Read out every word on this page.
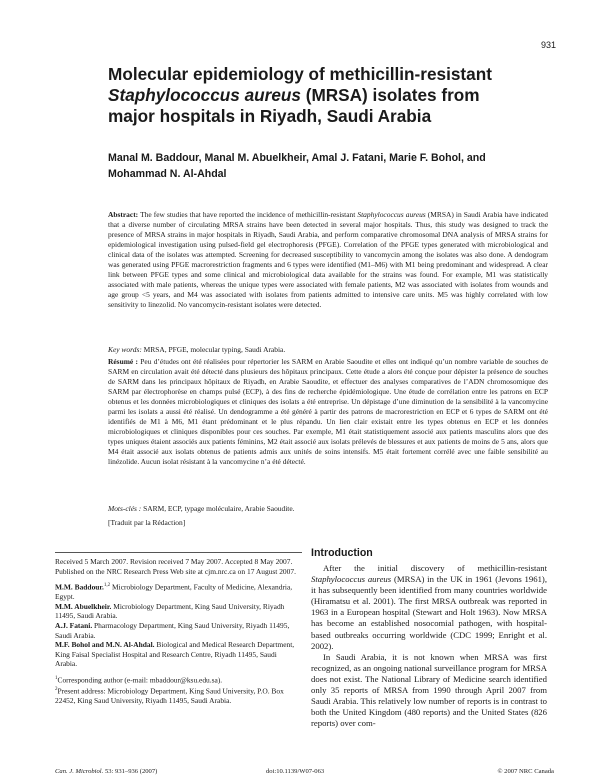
931
Molecular epidemiology of methicillin-resistant
Staphylococcus aureus (MRSA) isolates from
major hospitals in Riyadh, Saudi Arabia
Manal M. Baddour, Manal M. Abuelkheir, Amal J. Fatani, Marie F. Bohol, and
Mohammad N. Al-Ahdal
Abstract: The few studies that have reported the incidence of methicillin-resistant Staphylococcus aureus (MRSA) in Saudi Arabia have indicated that a diverse number of circulating MRSA strains have been detected in several major hospitals. Thus, this study was designed to track the presence of MRSA strains in major hospitals in Riyadh, Saudi Arabia, and perform comparative chromosomal DNA analysis of MRSA strains for epidemiological investigation using pulsed-field gel electrophoresis (PFGE). Correlation of the PFGE types generated with microbiological and clinical data of the isolates was attempted. Screening for decreased susceptibility to vancomycin among the isolates was also done. A dendogram was generated using PFGE macrorestriction fragments and 6 types were identified (M1–M6) with M1 being predominant and widespread. A clear link between PFGE types and some clinical and microbiological data available for the strains was found. For example, M1 was statistically associated with male patients, whereas the unique types were associated with female patients, M2 was associated with isolates from wounds and age group <5 years, and M4 was associated with isolates from patients admitted to intensive care units. M5 was highly correlated with low sensitivity to linezolid. No vancomycin-resistant isolates were detected.
Key words: MRSA, PFGE, molecular typing, Saudi Arabia.
Résumé : Peu d’études ont été réalisées pour répertorier les SARM en Arabie Saoudite et elles ont indiqué qu’un nombre variable de souches de SARM en circulation avait été détecté dans plusieurs des hôpitaux principaux. Cette étude a alors été conçue pour dépister la présence de souches de SARM dans les principaux hôpitaux de Riyadh, en Arabie Saoudite, et effectuer des analyses comparatives de l’ADN chromosomique des SARM par électrophorèse en champs pulsé (ECP), à des fins de recherche épidémiologique. Une étude de corrélation entre les patrons en ECP obtenus et les données microbiologiques et cliniques des isolats a été entreprise. Un dépistage d’une diminution de la sensibilité à la vancomycine parmi les isolats a aussi été réalisé. Un dendogramme a été généré à partir des patrons de macrorestriction en ECP et 6 types de SARM ont été identifiés de M1 à M6, M1 étant prédominant et le plus répandu. Un lien clair existait entre les types obtenus en ECP et les données microbiologiques et cliniques disponibles pour ces souches. Par exemple, M1 était statistiquement associé aux patients masculins alors que des types uniques étaient associés aux patients féminins, M2 était associé aux isolats prélevés de blessures et aux patients de moins de 5 ans, alors que M4 était associé aux isolats obtenus de patients admis aux unités de soins intensifs. M5 était fortement corrélé avec une faible sensibilité au linézolide. Aucun isolat résistant à la vancomycine n’a été détecté.
Mots-clés : SARM, ECP, typage moléculaire, Arabie Saoudite.
[Traduit par la Rédaction]

Received 5 March 2007. Revision received 7 May 2007. Accepted 8 May 2007. Published on the NRC Research Press Web site at cjm.nrc.ca on 17 August 2007.

M.M. Baddour.$^{1,2}$ Microbiology Department, Faculty of Medicine, Alexandria, Egypt.
M.M. Abuelkheir. Microbiology Department, King Saud University, Riyadh 11495, Saudi Arabia.
A.J. Fatani. Pharmacology Department, King Saud University, Riyadh 11495, Saudi Arabia.
M.F. Bohol and M.N. Al-Ahdal. Biological and Medical Research Department, King Faisal Specialist Hospital and Research Centre, Riyadh 11495, Saudi Arabia.
$^1$Corresponding author (e-mail: mbaddour@ksu.edu.sa).
$^2$Present address: Microbiology Department, King Saud University, P.O. Box 22452, King Saud University, Riyadh 11495, Saudi Arabia.
Introduction

After the initial discovery of methicillin-resistant Staphylococcus aureus (MRSA) in the UK in 1961 (Jevons 1961), it has subsequently been identified from many countries worldwide (Hiramatsu et al. 2001). The first MRSA outbreak was reported in 1963 in a European hospital (Stewart and Holt 1963). Now MRSA has become an established nosocomial pathogen, with hospital-based outbreaks occurring worldwide (CDC 1999; Enright et al. 2002).

In Saudi Arabia, it is not known when MRSA was first recognized, as an ongoing national surveillance program for MRSA does not exist. The National Library of Medicine search identified only 35 reports of MRSA from 1990 through April 2007 from Saudi Arabia. This relatively low number of reports is in contrast to both the United Kingdom (480 reports) and the United States (826 reports) over com-

Can. J. Microbiol. 53: 931–936 (2007)	doi:10.1139/W07-063	© 2007 NRC Canada
